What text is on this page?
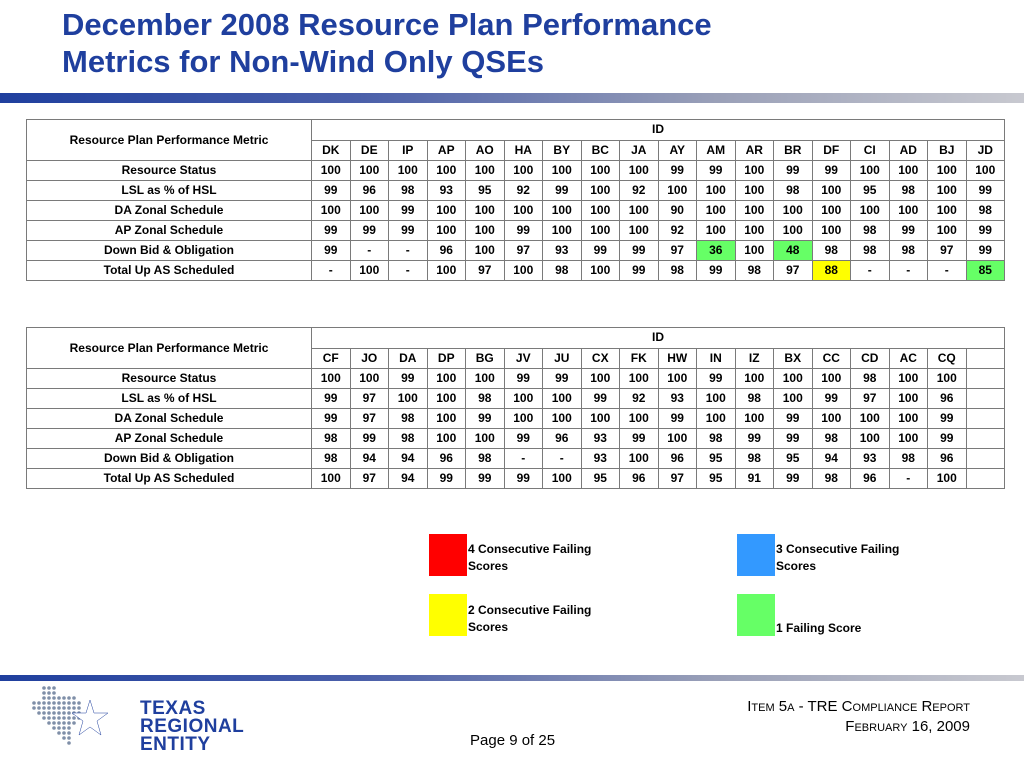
December 2008 Resource Plan Performance
Metrics for Non-Wind Only QSEs
Resource Plan Performance Metric	ID																	
	DK	DE	IP	AP	AO	HA	BY	BC	JA	AY	AM	AR	BR	DF	CI	AD	BJ	JD
Resource Status	100	100	100	100	100	100	100	100	100	99	99	100	99	99	100	100	100	100
LSL as % of HSL	99	96	98	93	95	92	99	100	92	100	100	100	98	100	95	98	100	99
DA Zonal Schedule	100	100	99	100	100	100	100	100	100	90	100	100	100	100	100	100	100	98
AP Zonal Schedule	99	99	99	100	100	99	100	100	100	92	100	100	100	100	98	99	100	99
Down Bid & Obligation	99	-	-	96	100	97	93	99	99	97	36	100	48	98	98	98	97	99
Total Up AS Scheduled	-	100	-	100	97	100	98	100	99	98	99	98	97	88	-	-	-	85
Resource Plan Performance Metric	ID																	
	CF	JO	DA	DP	BG	JV	JU	CX	FK	HW	IN	IZ	BX	CC	CD	AC	CQ	
Resource Status	100	100	99	100	100	99	99	100	100	100	99	100	100	100	98	100	100	
LSL as % of HSL	99	97	100	100	98	100	100	99	92	93	100	98	100	99	97	100	96	
DA Zonal Schedule	99	97	98	100	99	100	100	100	100	99	100	100	99	100	100	100	99	
AP Zonal Schedule	98	99	98	100	100	99	96	93	99	100	98	99	99	98	100	100	99	
Down Bid & Obligation	98	94	94	96	98	-	-	93	100	96	95	98	95	94	93	98	96	
Total Up AS Scheduled	100	97	94	99	99	99	100	95	96	97	95	91	99	98	96	-	100	
4 Consecutive Failing Scores
3 Consecutive Failing Scores
2 Consecutive Failing Scores	1 Failing Score
TEXAS
REGIONAL
ENTITY
Item 5a - TRE Compliance Report
February 16, 2009
Page 9 of 25
